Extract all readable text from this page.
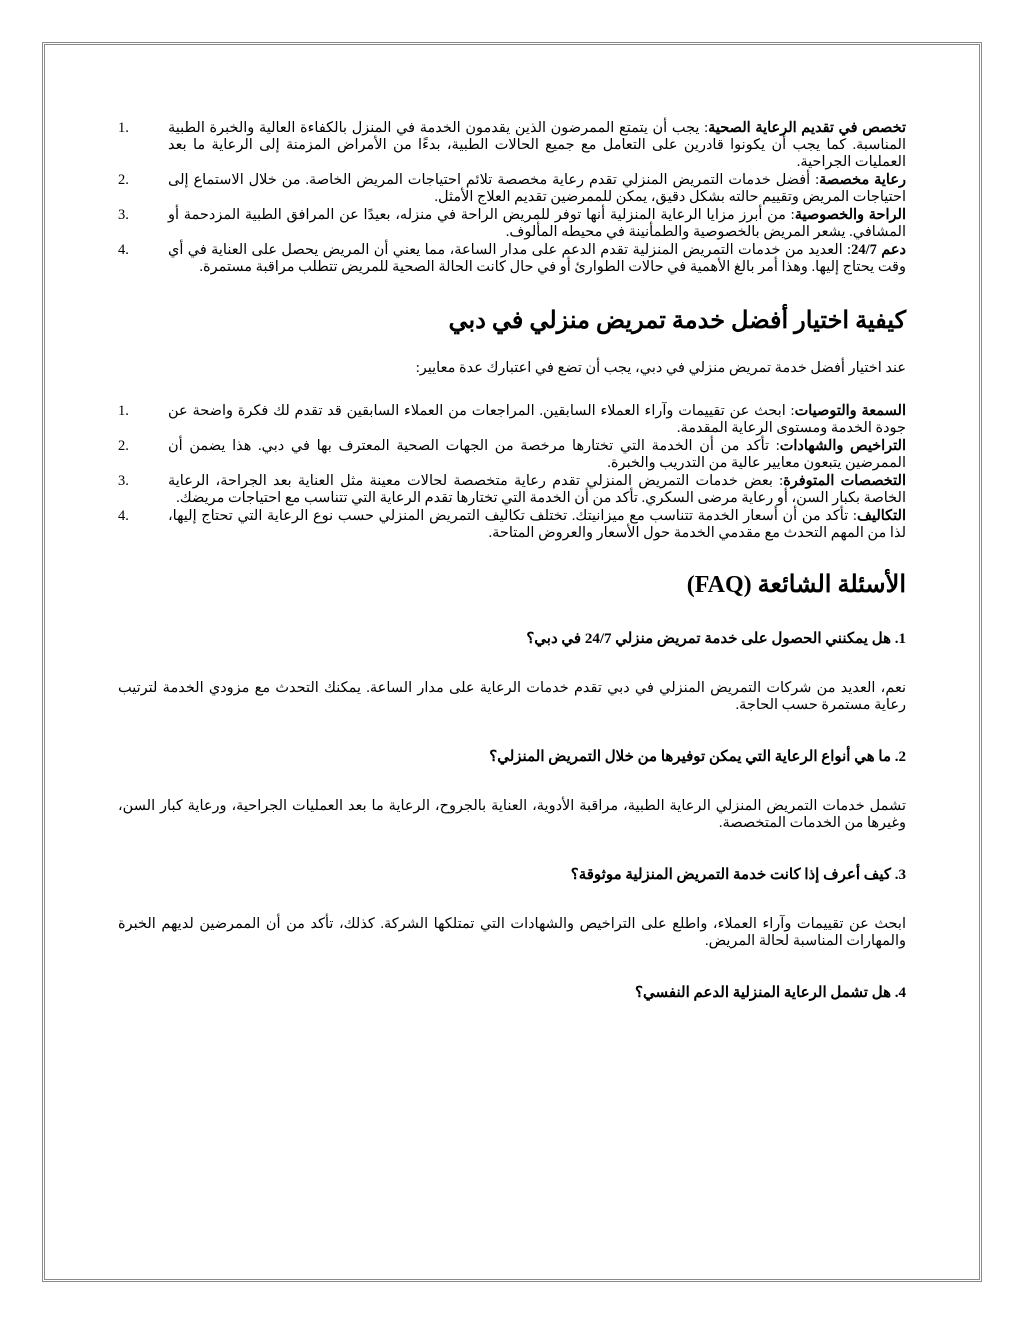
1.	تخصص في تقديم الرعاية الصحية: يجب أن يتمتع الممرضون الذين يقدمون الخدمة في المنزل بالكفاءة العالية والخبرة الطبية المناسبة. كما يجب أن يكونوا قادرين على التعامل مع جميع الحالات الطبية، بدءًا من الأمراض المزمنة إلى الرعاية ما بعد العمليات الجراحية.
2.	رعاية مخصصة: أفضل خدمات التمريض المنزلي تقدم رعاية مخصصة تلائم احتياجات المريض الخاصة. من خلال الاستماع إلى احتياجات المريض وتقييم حالته بشكل دقيق، يمكن للممرضين تقديم العلاج الأمثل.
3.	الراحة والخصوصية: من أبرز مزايا الرعاية المنزلية أنها توفر للمريض الراحة في منزله، بعيدًا عن المرافق الطبية المزدحمة أو المشافي. يشعر المريض بالخصوصية والطمأنينة في محيطه المألوف.
4.	دعم 24/7: العديد من خدمات التمريض المنزلية تقدم الدعم على مدار الساعة، مما يعني أن المريض يحصل على العناية في أي وقت يحتاج إليها. وهذا أمر بالغ الأهمية في حالات الطوارئ أو في حال كانت الحالة الصحية للمريض تتطلب مراقبة مستمرة.
كيفية اختيار أفضل خدمة تمريض منزلي في دبي

عند اختيار أفضل خدمة تمريض منزلي في دبي، يجب أن تضع في اعتبارك عدة معايير:

1.	السمعة والتوصيات: ابحث عن تقييمات وآراء العملاء السابقين. المراجعات من العملاء السابقين قد تقدم لك فكرة واضحة عن جودة الخدمة ومستوى الرعاية المقدمة.
2.	التراخيص والشهادات: تأكد من أن الخدمة التي تختارها مرخصة من الجهات الصحية المعترف بها في دبي. هذا يضمن أن الممرضين يتبعون معايير عالية من التدريب والخبرة.
3.	التخصصات المتوفرة: بعض خدمات التمريض المنزلي تقدم رعاية متخصصة لحالات معينة مثل العناية بعد الجراحة، الرعاية الخاصة بكبار السن، أو رعاية مرضى السكري. تأكد من أن الخدمة التي تختارها تقدم الرعاية التي تتناسب مع احتياجات مريضك.
4.	التكاليف: تأكد من أن أسعار الخدمة تتناسب مع ميزانيتك. تختلف تكاليف التمريض المنزلي حسب نوع الرعاية التي تحتاج إليها، لذا من المهم التحدث مع مقدمي الخدمة حول الأسعار والعروض المتاحة.
الأسئلة الشائعة (FAQ)
1. هل يمكنني الحصول على خدمة تمريض منزلي 24/7 في دبي؟

نعم، العديد من شركات التمريض المنزلي في دبي تقدم خدمات الرعاية على مدار الساعة. يمكنك التحدث مع مزودي الخدمة لترتيب رعاية مستمرة حسب الحاجة.

2. ما هي أنواع الرعاية التي يمكن توفيرها من خلال التمريض المنزلي؟

تشمل خدمات التمريض المنزلي الرعاية الطبية، مراقبة الأدوية، العناية بالجروح، الرعاية ما بعد العمليات الجراحية، ورعاية كبار السن، وغيرها من الخدمات المتخصصة.

3. كيف أعرف إذا كانت خدمة التمريض المنزلية موثوقة؟

ابحث عن تقييمات وآراء العملاء، واطلع على التراخيص والشهادات التي تمتلكها الشركة. كذلك، تأكد من أن الممرضين لديهم الخبرة والمهارات المناسبة لحالة المريض.

4. هل تشمل الرعاية المنزلية الدعم النفسي؟
